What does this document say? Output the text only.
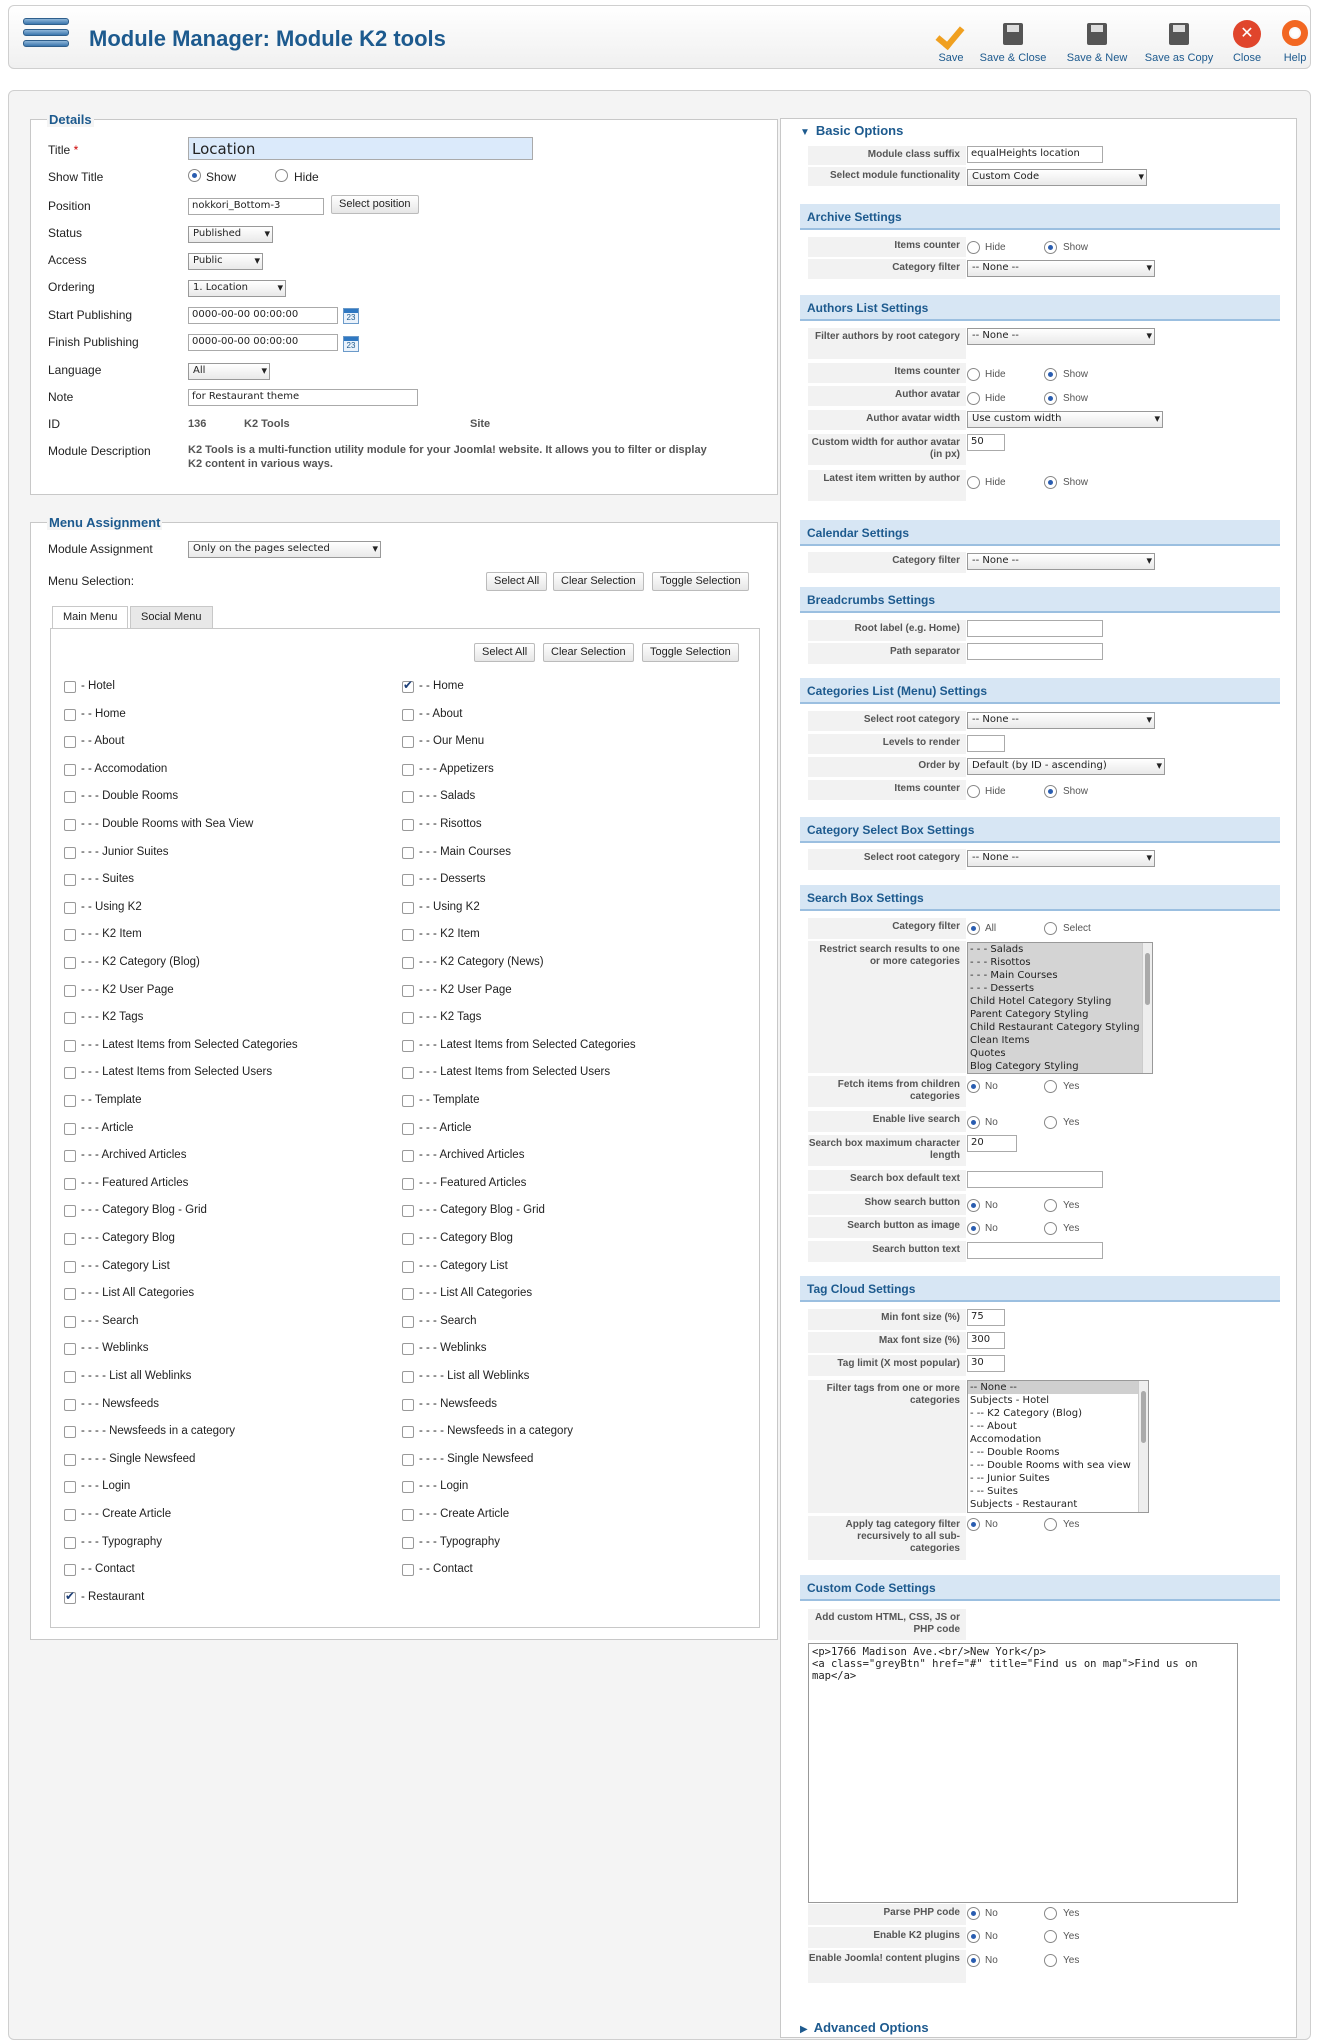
Module Manager: Module K2 tools
Save	Save & Close	Save & New	Save as Copy
✕	Close	Help
Details
Title *	Location
Show Title	Show	Hide
Position	nokkori_Bottom-3	Select position
Status	Published ▾
Access	Public ▾
Ordering	1. Location ▾
Start Publishing	0000-00-00 00:00:00	23
Finish Publishing	0000-00-00 00:00:00	23
Language	All ▾
Note	for Restaurant theme
ID	136	K2 Tools	Site
Module Description	K2 Tools is a multi-function utility module for your Joomla! website. It allows you to filter or display
K2 content in various ways.
Menu Assignment
Module Assignment	Only on the pages selected ▾
Menu Selection:	Select All	Clear Selection	Toggle Selection
Main Menu	Social Menu
Select All	Clear Selection	Toggle Selection
- Hotel
- - Home
- - About
- - Accomodation
- - - Double Rooms
- - - Double Rooms with Sea View
- - - Junior Suites
- - - Suites
- - Using K2
- - - K2 Item
- - - K2 Category (Blog)
- - - K2 User Page
- - - K2 Tags
- - - Latest Items from Selected Categories
- - - Latest Items from Selected Users
- - Template
- - - Article
- - - Archived Articles
- - - Featured Articles
- - - Category Blog - Grid
- - - Category Blog
- - - Category List
- - - List All Categories
- - - Search
- - - Weblinks
- - - - List all Weblinks
- - - Newsfeeds
- - - - Newsfeeds in a category
- - - - Single Newsfeed
- - - Login
- - - Create Article
- - - Typography
- - Contact
✔
- Restaurant
✔
- - Home
- - About
- - Our Menu
- - - Appetizers
- - - Salads
- - - Risottos
- - - Main Courses
- - - Desserts
- - Using K2
- - - K2 Item
- - - K2 Category (News)
- - - K2 User Page
- - - K2 Tags
- - - Latest Items from Selected Categories
- - - Latest Items from Selected Users
- - Template
- - - Article
- - - Archived Articles
- - - Featured Articles
- - - Category Blog - Grid
- - - Category Blog
- - - Category List
- - - List All Categories
- - - Search
- - - Weblinks
- - - - List all Weblinks
- - - Newsfeeds
- - - - Newsfeeds in a category
- - - - Single Newsfeed
- - - Login
- - - Create Article
- - - Typography
- - Contact
▼ Basic Options
▶ Advanced Options
Module class suffix	equalHeights location
Select module functionality	Custom Code ▾
Archive Settings
Items counter	Hide	Show
Category filter	-- None -- ▾
Authors List Settings
Filter authors by root category	-- None -- ▾
Items counter	Hide	Show
Author avatar	Hide	Show
Author avatar width	Use custom width ▾
Custom width for author avatar (in px)
50
Latest item written by author	Hide	Show
Calendar Settings
Category filter	-- None -- ▾
Breadcrumbs Settings
Root label (e.g. Home)
Path separator
Categories List (Menu) Settings
Select root category	-- None -- ▾
Levels to render
Order by	Default (by ID - ascending) ▾
Items counter	Hide	Show
Category Select Box Settings
Select root category	-- None -- ▾
Search Box Settings
Category filter	All	Select
Restrict search results to one or more categories
- - - Salads
- - - Risottos
- - - Main Courses
- - - Desserts
Child Hotel Category Styling
Parent Category Styling
Child Restaurant Category Styling
Clean Items
Quotes
Blog Category Styling
Fetch items from children categories
No	Yes
Enable live search	No	Yes
Search box maximum character length
20
Search box default text
Show search button	No	Yes
Search button as image	No	Yes
Search button text
Tag Cloud Settings
Min font size (%)	75
Max font size (%)	300
Tag limit (X most popular)	30
Filter tags from one or more categories
-- None --
Subjects - Hotel
- -- K2 Category (Blog)
- -- About
Accomodation
- -- Double Rooms
- -- Double Rooms with sea view
- -- Junior Suites
- -- Suites
Subjects - Restaurant
Apply tag category filter recursively to all sub-categories
No	Yes
Custom Code Settings
Add custom HTML, CSS, JS or PHP code
<p>1766 Madison Ave.<br/>New York</p>
<a class="greyBtn" href="#" title="Find us on map">Find us on map</a>
Parse PHP code	No	Yes
Enable K2 plugins	No	Yes
Enable Joomla! content plugins	No	Yes
